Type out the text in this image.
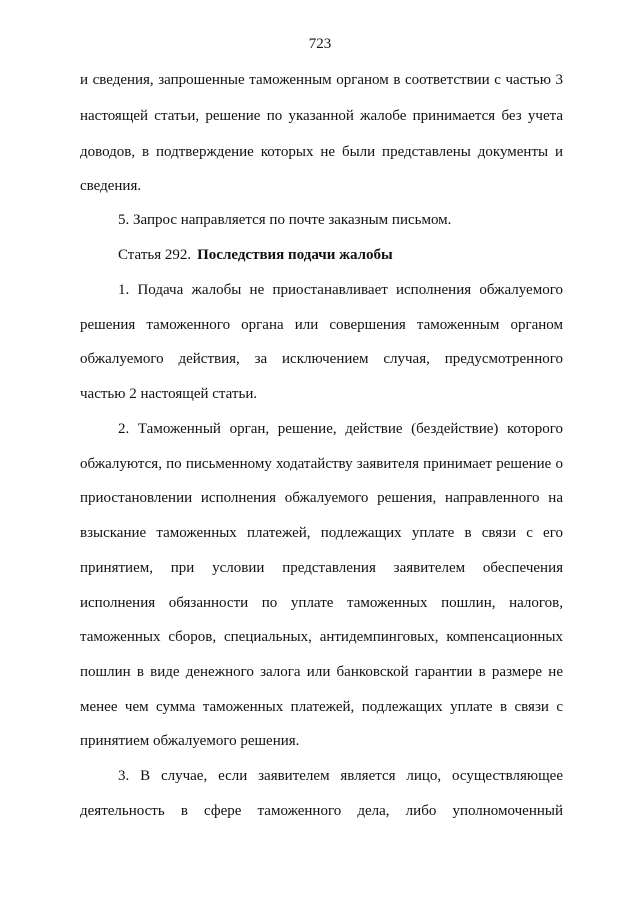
723
и сведения, запрошенные таможенным органом в соответствии с частью 3
настоящей статьи, решение по указанной жалобе принимается без учета
доводов, в подтверждение которых не были представлены документы и
сведения.
5. Запрос направляется по почте заказным письмом.
Статья 292. Последствия подачи жалобы
1. Подача жалобы не приостанавливает исполнения обжалуемого
решения таможенного органа или совершения таможенным органом
обжалуемого действия, за исключением случая, предусмотренного
частью 2 настоящей статьи.
2. Таможенный орган, решение, действие (бездействие) которого
обжалуются, по письменному ходатайству заявителя принимает решение о
приостановлении исполнения обжалуемого решения, направленного на
взыскание таможенных платежей, подлежащих уплате в связи с его
принятием, при условии представления заявителем обеспечения
исполнения обязанности по уплате таможенных пошлин, налогов,
таможенных сборов, специальных, антидемпинговых, компенсационных
пошлин в виде денежного залога или банковской гарантии в размере не
менее чем сумма таможенных платежей, подлежащих уплате в связи с
принятием обжалуемого решения.
3. В случае, если заявителем является лицо, осуществляющее
деятельность в сфере таможенного дела, либо уполномоченный
